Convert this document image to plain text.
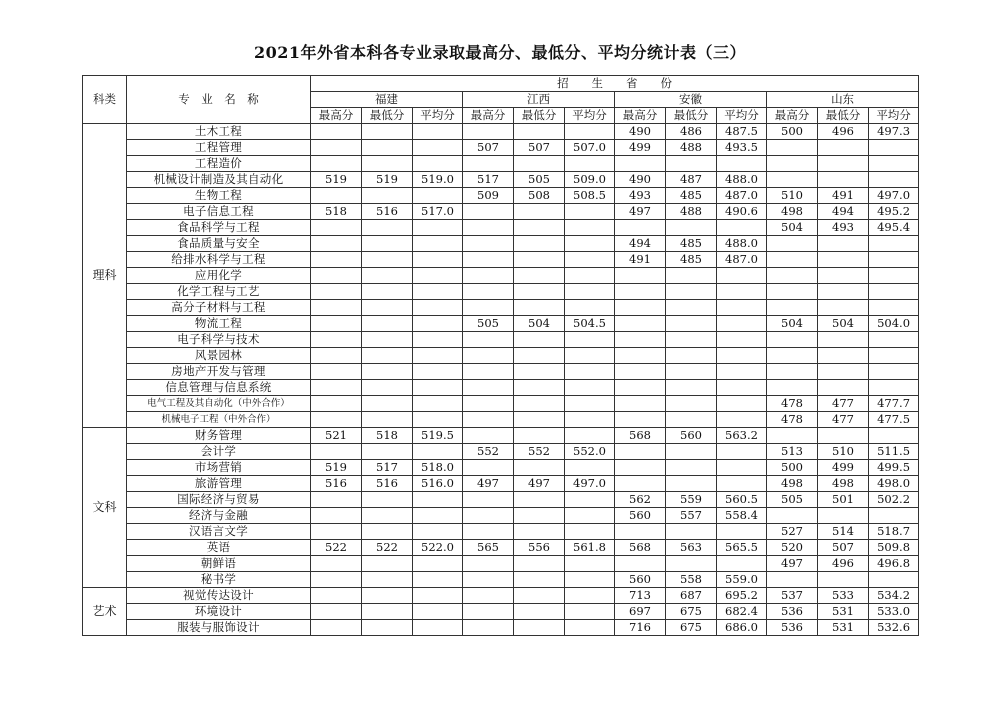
2021年外省本科各专业录取最高分、最低分、平均分统计表（三）
科类	专　业　名　称	招　　生　　省　　份											
		福建			江西			安徽			山东		
		最高分	最低分	平均分	最高分	最低分	平均分	最高分	最低分	平均分	最高分	最低分	平均分
理科	土木工程							490	486	487.5	500	496	497.3
	工程管理				507	507	507.0	499	488	493.5			
	工程造价												
	机械设计制造及其自动化	519	519	519.0	517	505	509.0	490	487	488.0			
	生物工程				509	508	508.5	493	485	487.0	510	491	497.0
	电子信息工程	518	516	517.0				497	488	490.6	498	494	495.2
	食品科学与工程										504	493	495.4
	食品质量与安全							494	485	488.0			
	给排水科学与工程							491	485	487.0			
	应用化学												
	化学工程与工艺												
	高分子材料与工程												
	物流工程				505	504	504.5				504	504	504.0
	电子科学与技术												
	风景园林												
	房地产开发与管理												
	信息管理与信息系统												
	电气工程及其自动化（中外合作）										478	477	477.7
	机械电子工程（中外合作）										478	477	477.5
文科	财务管理	521	518	519.5				568	560	563.2			
	会计学				552	552	552.0				513	510	511.5
	市场营销	519	517	518.0							500	499	499.5
	旅游管理	516	516	516.0	497	497	497.0				498	498	498.0
	国际经济与贸易							562	559	560.5	505	501	502.2
	经济与金融							560	557	558.4			
	汉语言文学										527	514	518.7
	英语	522	522	522.0	565	556	561.8	568	563	565.5	520	507	509.8
	朝鲜语										497	496	496.8
	秘书学							560	558	559.0			
艺术	视觉传达设计							713	687	695.2	537	533	534.2
	环境设计							697	675	682.4	536	531	533.0
	服装与服饰设计							716	675	686.0	536	531	532.6
